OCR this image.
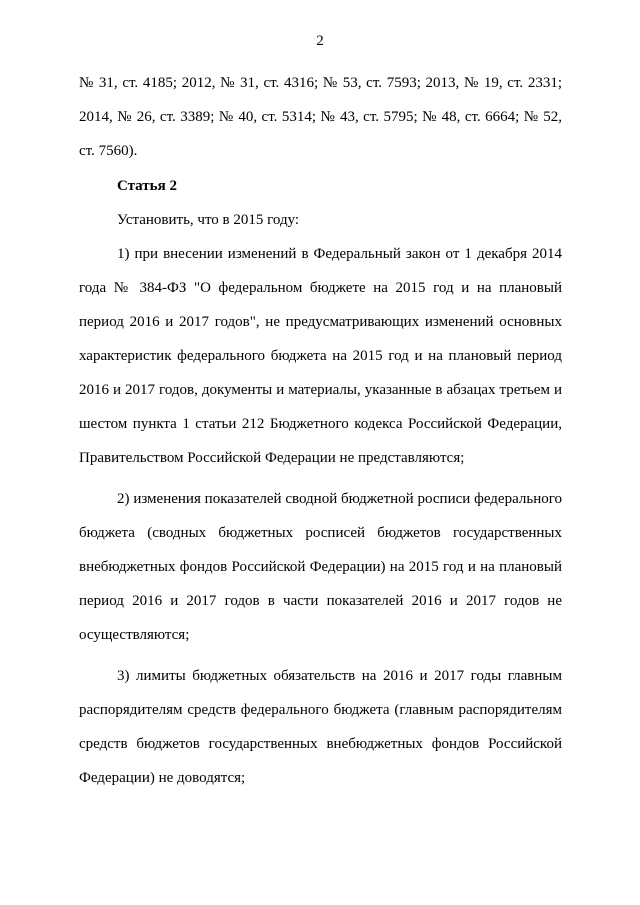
2

№ 31, ст. 4185; 2012, № 31, ст. 4316; № 53, ст. 7593; 2013, № 19, ст. 2331; 2014, № 26, ст. 3389; № 40, ст. 5314; № 43, ст. 5795; № 48, ст. 6664; № 52, ст. 7560).

Статья 2

Установить, что в 2015 году:

1) при внесении изменений в Федеральный закон от 1 декабря 2014 года № 384-ФЗ "О федеральном бюджете на 2015 год и на плановый период 2016 и 2017 годов", не предусматривающих изменений основных характеристик федерального бюджета на 2015 год и на плановый период 2016 и 2017 годов, документы и материалы, указанные в абзацах третьем и шестом пункта 1 статьи 212 Бюджетного кодекса Российской Федерации, Правительством Российской Федерации не представляются;

2) изменения показателей сводной бюджетной росписи федерального бюджета (сводных бюджетных росписей бюджетов государственных внебюджетных фондов Российской Федерации) на 2015 год и на плановый период 2016 и 2017 годов в части показателей 2016 и 2017 годов не осуществляются;

3) лимиты бюджетных обязательств на 2016 и 2017 годы главным распорядителям средств федерального бюджета (главным распорядителям средств бюджетов государственных внебюджетных фондов Российской Федерации) не доводятся;
